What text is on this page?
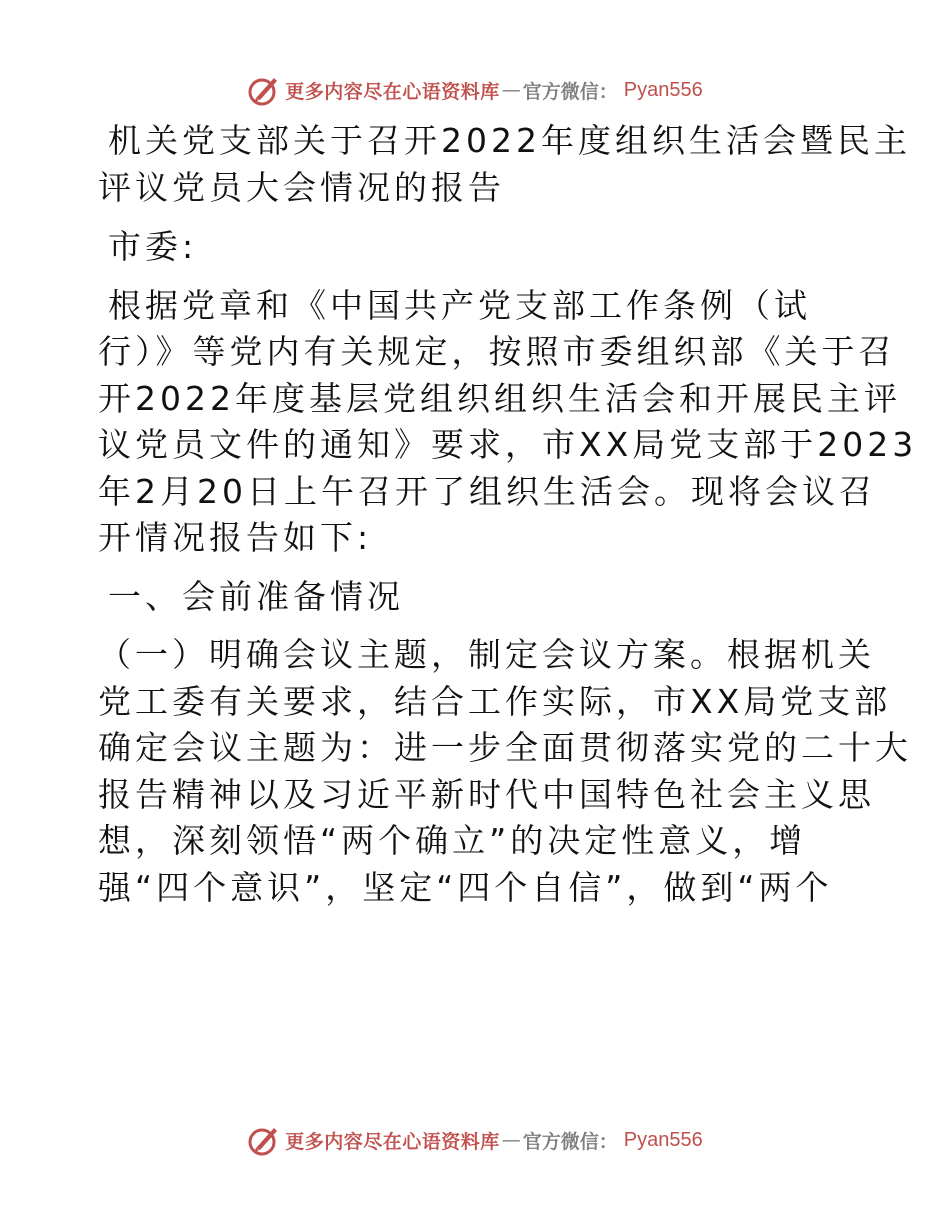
更多内容尽在心语资料库 — 官方微信： Pyan556
机关党支部关于召开2022年度组织生活会暨民主
评议党员大会情况的报告
市委:
根据党章和《中国共产党支部工作条例（试
行）》等党内有关规定，按照市委组织部《关于召
开2022年度基层党组织组织生活会和开展民主评
议党员文件的通知》要求，市XX局党支部于2023
年2月20日上午召开了组织生活会。现将会议召
开情况报告如下:
一、会前准备情况
（一）明确会议主题，制定会议方案。根据机关
党工委有关要求，结合工作实际，市XX局党支部
确定会议主题为：进一步全面贯彻落实党的二十大
报告精神以及习近平新时代中国特色社会主义思
想，深刻领悟“两个确立”的决定性意义，增
强“四个意识”，坚定“四个自信”，做到“两个
更多内容尽在心语资料库 — 官方微信： Pyan556
